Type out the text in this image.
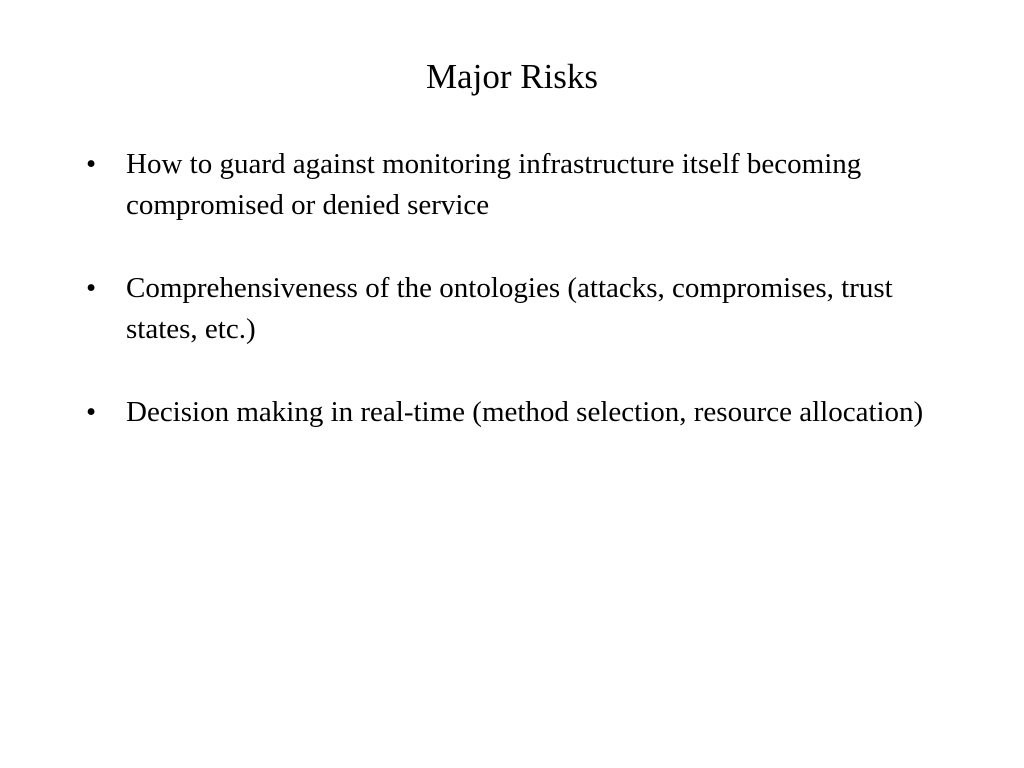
Major Risks
•	How to guard against monitoring infrastructure itself becoming compromised or denied service
•	Comprehensiveness of the ontologies (attacks, compromises, trust states, etc.)
•	Decision making in real-time (method selection, resource allocation)
